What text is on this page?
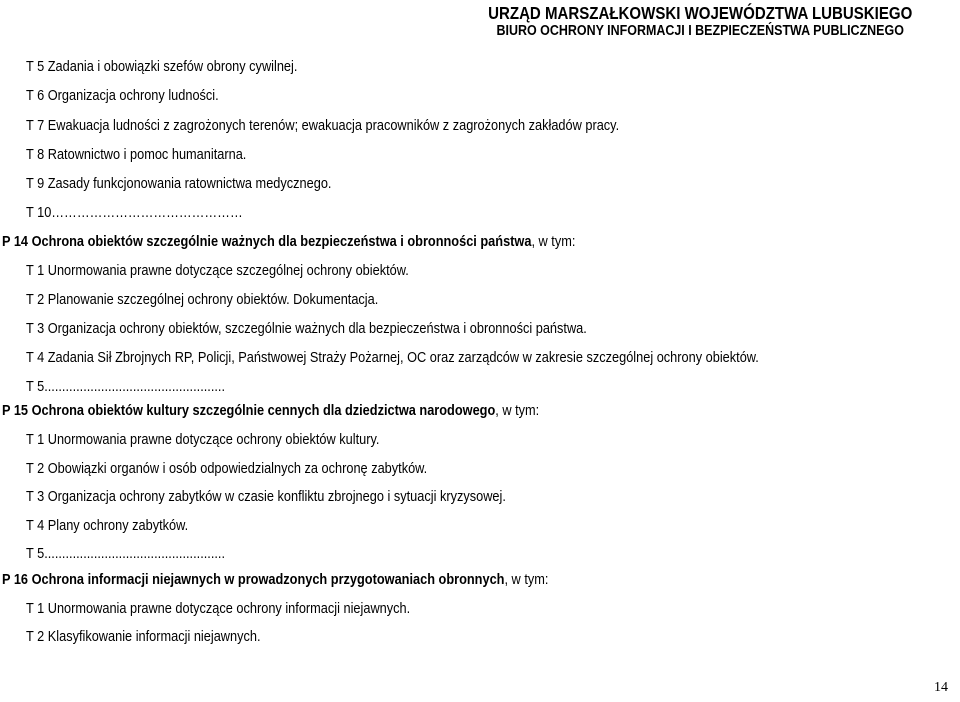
URZĄD MARSZAŁKOWSKI WOJEWÓDZTWA LUBUSKIEGO
BIURO OCHRONY INFORMACJI I BEZPIECZEŃSTWA PUBLICZNEGO
T 5 Zadania i obowiązki szefów obrony cywilnej.
T 6 Organizacja ochrony ludności.
T 7 Ewakuacja ludności z zagrożonych terenów; ewakuacja pracowników z zagrożonych zakładów pracy.
T 8 Ratownictwo i pomoc humanitarna.
T 9 Zasady funkcjonowania ratownictwa medycznego.
T 10………………………………………
P 14 Ochrona obiektów szczególnie ważnych dla bezpieczeństwa i obronności państwa, w tym:
T 1 Unormowania prawne dotyczące szczególnej ochrony obiektów.
T 2 Planowanie szczególnej ochrony obiektów. Dokumentacja.
T 3 Organizacja ochrony obiektów, szczególnie ważnych dla bezpieczeństwa i obronności państwa.
T 4 Zadania Sił Zbrojnych RP, Policji, Państwowej Straży Pożarnej, OC oraz zarządców w zakresie szczególnej ochrony obiektów.
T 5...................................................
P 15 Ochrona obiektów kultury szczególnie cennych dla dziedzictwa narodowego, w tym:
T 1 Unormowania prawne dotyczące ochrony obiektów kultury.
T 2 Obowiązki organów i osób odpowiedzialnych za ochronę zabytków.
T 3 Organizacja ochrony zabytków w czasie konfliktu zbrojnego i sytuacji kryzysowej.
T 4 Plany ochrony zabytków.
T 5...................................................
P 16 Ochrona informacji niejawnych w prowadzonych przygotowaniach obronnych, w tym:
T 1 Unormowania prawne dotyczące ochrony informacji niejawnych.
T 2 Klasyfikowanie informacji niejawnych.
14
